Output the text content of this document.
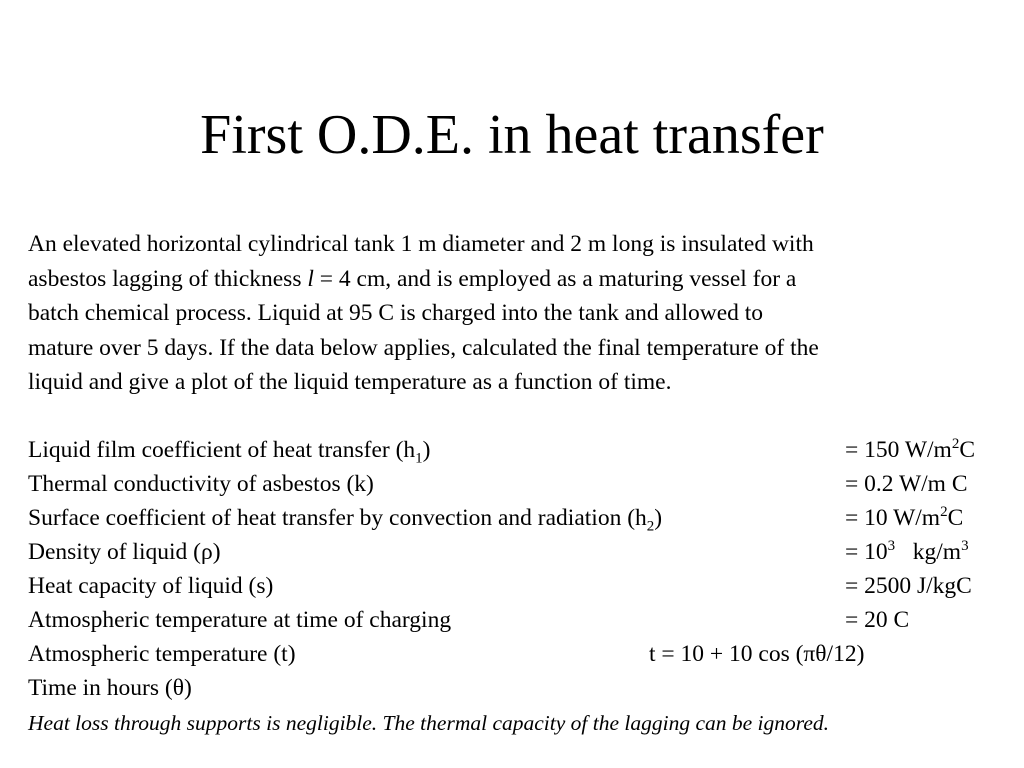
First O.D.E. in heat transfer
An elevated horizontal cylindrical tank 1 m diameter and 2 m long is insulated with
asbestos lagging of thickness l = 4 cm, and is employed as a maturing vessel for a
batch chemical process. Liquid at 95 C is charged into the tank and allowed to
mature over 5 days. If the data below applies, calculated the final temperature of the
liquid and give a plot of the liquid temperature as a function of time.
Liquid film coefficient of heat transfer $(h_1)$	= 150 $W/m^2C$
Thermal conductivity of asbestos (k)	= 0.2 W/m C
Surface coefficient of heat transfer by convection and radiation $(h_2)$	= 10 $W/m^2C$
Density of liquid (ρ)	= $10^3$   $kg/m^3$
Heat capacity of liquid (s)	= 2500 J/kgC
Atmospheric temperature at time of charging	= 20 C
Atmospheric temperature (t)	t = 10 + 10 cos (πθ/12)
Time in hours (θ)
Heat loss through supports is negligible. The thermal capacity of the lagging can be ignored.
